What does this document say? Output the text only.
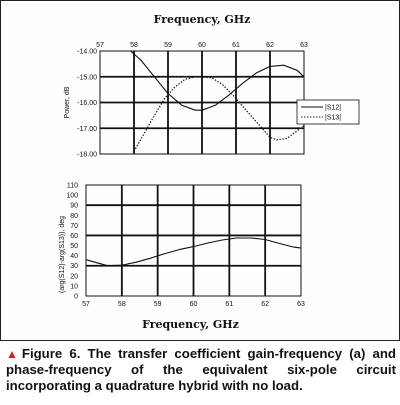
Frequency, GHz
-14.00
-15.00
-16.00
-17.00
-18.00
57	58	59	60	61	62	63
Power, dB	|S12|
|S13|
110
100
90
80
70
60
50
40
30
20
10
0
57	58	59	60	61	62	63
(arg(S12)-arg(S13)), deg
Frequency, GHz
▲ Figure 6. The transfer coefficient gain-frequency (a) and phase-frequency of the equivalent six-pole circuit incorporating a quadrature hybrid with no load.
